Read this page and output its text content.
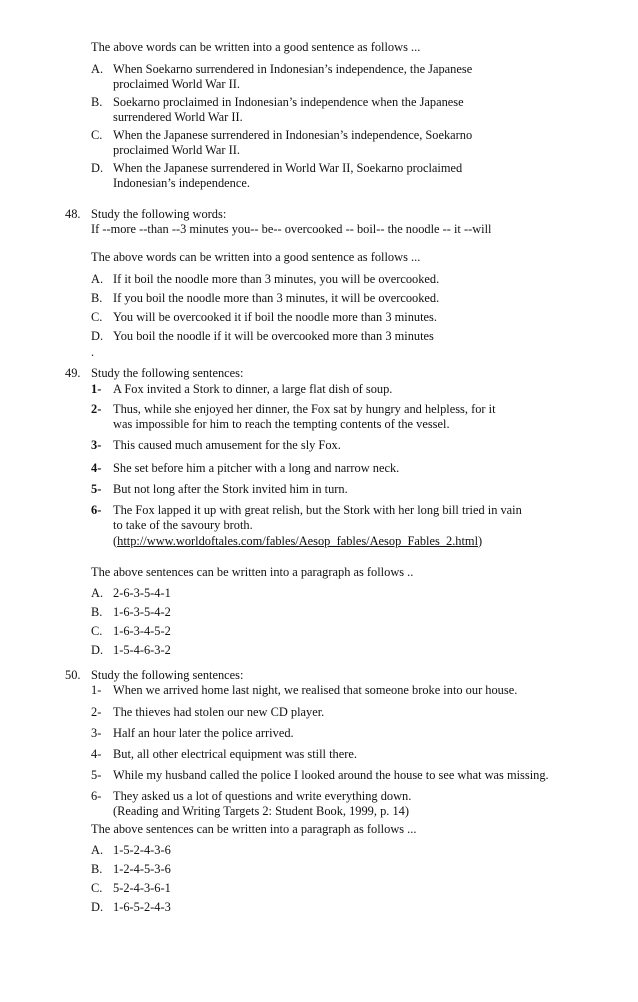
The above words can be written into a good sentence as follows ...
A. When Soekarno surrendered in Indonesian’s independence, the Japanese
proclaimed World War II.
B. Soekarno proclaimed in Indonesian’s independence when the Japanese
surrendered World War II.
C. When the Japanese surrendered in Indonesian’s independence, Soekarno
proclaimed World War II.
D. When the Japanese surrendered in World War II, Soekarno proclaimed
Indonesian’s independence.
48. Study the following words:
If --more --than --3 minutes you-- be-- overcooked -- boil-- the noodle -- it --will
The above words can be written into a good sentence as follows ...
A. If it boil the noodle more than 3 minutes, you will be overcooked.
B. If you boil the noodle more than 3 minutes, it will be overcooked.
C. You will be overcooked it if boil the noodle more than 3 minutes.
D. You boil the noodle if it will be overcooked more than 3 minutes
.
49. Study the following sentences:
1- A Fox invited a Stork to dinner, a large flat dish of soup.
2- Thus, while she enjoyed her dinner, the Fox sat by hungry and helpless, for it
was impossible for him to reach the tempting contents of the vessel.
3- This caused much amusement for the sly Fox.
4- She set before him a pitcher with a long and narrow neck.
5- But not long after the Stork invited him in turn.
6- The Fox lapped it up with great relish, but the Stork with her long bill tried in vain
to take of the savoury broth.
(http://www.worldoftales.com/fables/Aesop_fables/Aesop_Fables_2.html)
The above sentences can be written into a paragraph as follows ..
A. 2-6-3-5-4-1
B. 1-6-3-5-4-2
C. 1-6-3-4-5-2
D. 1-5-4-6-3-2
50. Study the following sentences:
1- When we arrived home last night, we realised that someone broke into our house.
2- The thieves had stolen our new CD player.
3- Half an hour later the police arrived.
4- But, all other electrical equipment was still there.
5- While my husband called the police I looked around the house to see what was missing.
6- They asked us a lot of questions and write everything down.
(Reading and Writing Targets 2: Student Book, 1999, p. 14)
The above sentences can be written into a paragraph as follows ...
A. 1-5-2-4-3-6
B. 1-2-4-5-3-6
C. 5-2-4-3-6-1
D. 1-6-5-2-4-3
